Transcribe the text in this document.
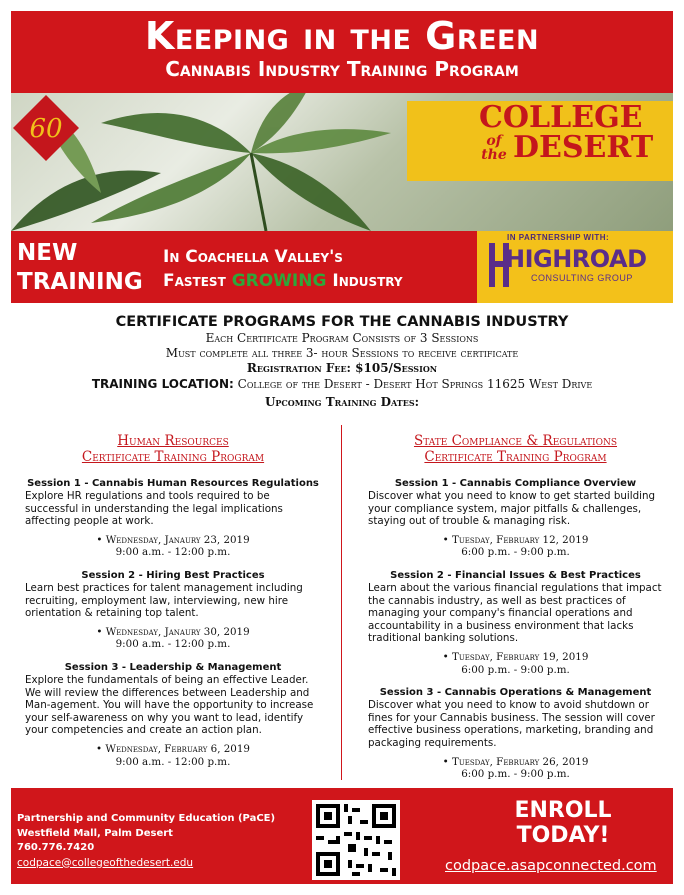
Keeping in the Green
Cannabis Industry Training Program
60	COLLEGE
of the DESERT
NEW
TRAINING
In Coachella Valley's
Fastest GROWING Industry
IN PARTNERSHIP WITH:
HIGHROAD
CONSULTING GROUP
CERTIFICATE PROGRAMS FOR THE CANNABIS INDUSTRY
Each Certificate Program Consists of 3 Sessions
Must complete all three 3- hour Sessions to receive certificate
Registration Fee: $105/Session
TRAINING LOCATION: College of the Desert - Desert Hot Springs 11625 West Drive
Upcoming Training Dates:
Human Resources
Certificate Training Program
Session 1 - Cannabis Human Resources Regulations
Explore HR regulations and tools required to be successful in understanding the legal implications affecting people at work.
• Wednesday, Janaury 23, 2019
9:00 a.m. - 12:00 p.m.
Session 2 - Hiring Best Practices
Learn best practices for talent management including recruiting, employment law, interviewing, new hire orientation & retaining top talent.
• Wednesday, Janaury 30, 2019
9:00 a.m. - 12:00 p.m.
Session 3 - Leadership & Management
Explore the fundamentals of being an effective Leader. We will review the differences between Leadership and Man-agement. You will have the opportunity to increase your self-awareness on why you want to lead, identify your competencies and create an action plan.
• Wednesday, February 6, 2019
9:00 a.m. - 12:00 p.m.
State Compliance & Regulations
Certificate Training Program
Session 1 - Cannabis Compliance Overview
Discover what you need to know to get started building your compliance system, major pitfalls & challenges, staying out of trouble & managing risk.
• Tuesday, February 12, 2019
6:00 p.m. - 9:00 p.m.
Session 2 - Financial Issues & Best Practices
Learn about the various financial regulations that impact the cannabis industry, as well as best practices of managing your company's financial operations and accountability in a business environment that lacks traditional banking solutions.
• Tuesday, February 19, 2019
6:00 p.m. - 9:00 p.m.
Session 3 - Cannabis Operations & Management
Discover what you need to know to avoid shutdown or fines for your Cannabis business. The session will cover effective business operations, marketing, branding and packaging requirements.
• Tuesday, February 26, 2019
6:00 p.m. - 9:00 p.m.
Partnership and Community Education (PaCE)
Westfield Mall, Palm Desert
760.776.7420
codpace@collegeofthedesert.edu
ENROLL
TODAY!
codpace.asapconnected.com
